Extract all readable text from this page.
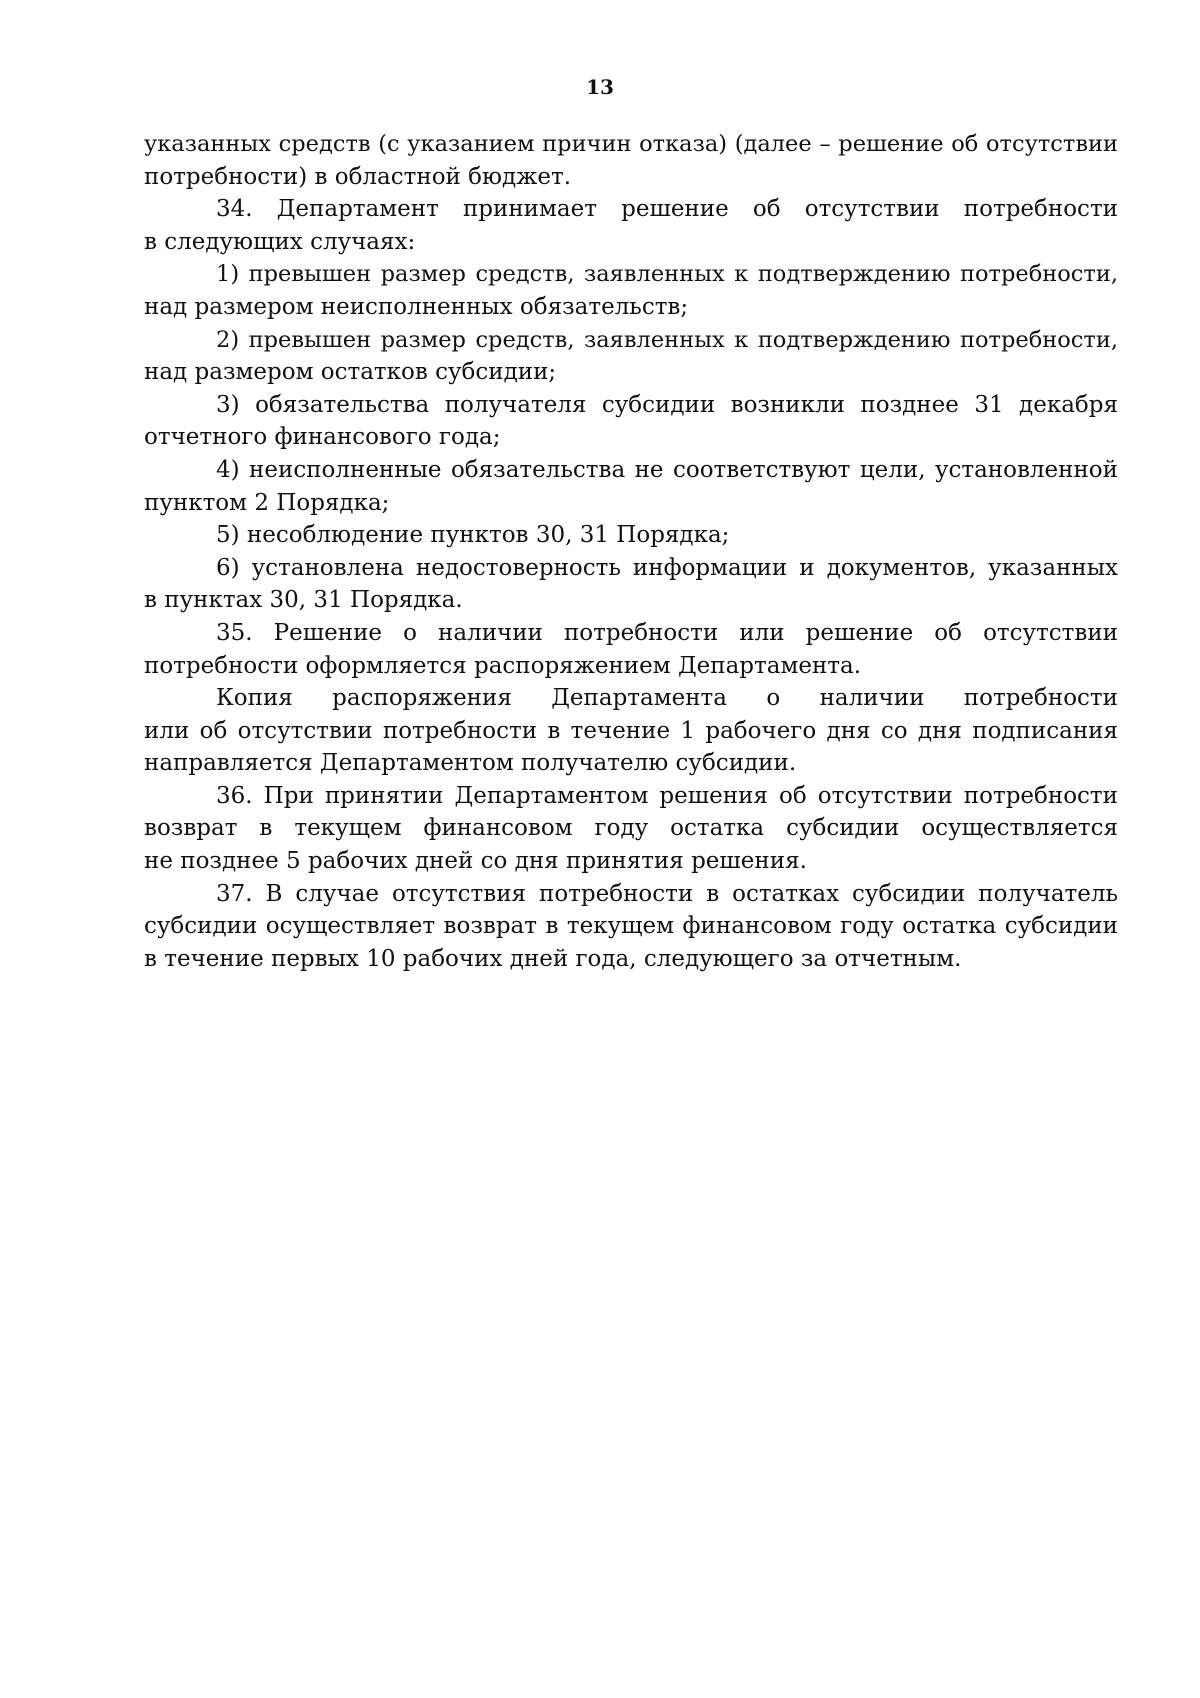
13
указанных средств (с указанием причин отказа) (далее – решение об отсутствии
потребности) в областной бюджет.
34. Департамент принимает решение об отсутствии потребности
в следующих случаях:
1) превышен размер средств, заявленных к подтверждению потребности,
над размером неисполненных обязательств;
2) превышен размер средств, заявленных к подтверждению потребности,
над размером остатков субсидии;
3) обязательства получателя субсидии возникли позднее 31 декабря
отчетного финансового года;
4) неисполненные обязательства не соответствуют цели, установленной
пунктом 2 Порядка;
5) несоблюдение пунктов 30, 31 Порядка;
6) установлена недостоверность информации и документов, указанных
в пунктах 30, 31 Порядка.
35. Решение о наличии потребности или решение об отсутствии
потребности оформляется распоряжением Департамента.
Копия распоряжения Департамента о наличии потребности
или об отсутствии потребности в течение 1 рабочего дня со дня подписания
направляется Департаментом получателю субсидии.
36. При принятии Департаментом решения об отсутствии потребности
возврат в текущем финансовом году остатка субсидии осуществляется
не позднее 5 рабочих дней со дня принятия решения.
37. В случае отсутствия потребности в остатках субсидии получатель
субсидии осуществляет возврат в текущем финансовом году остатка субсидии
в течение первых 10 рабочих дней года, следующего за отчетным.
